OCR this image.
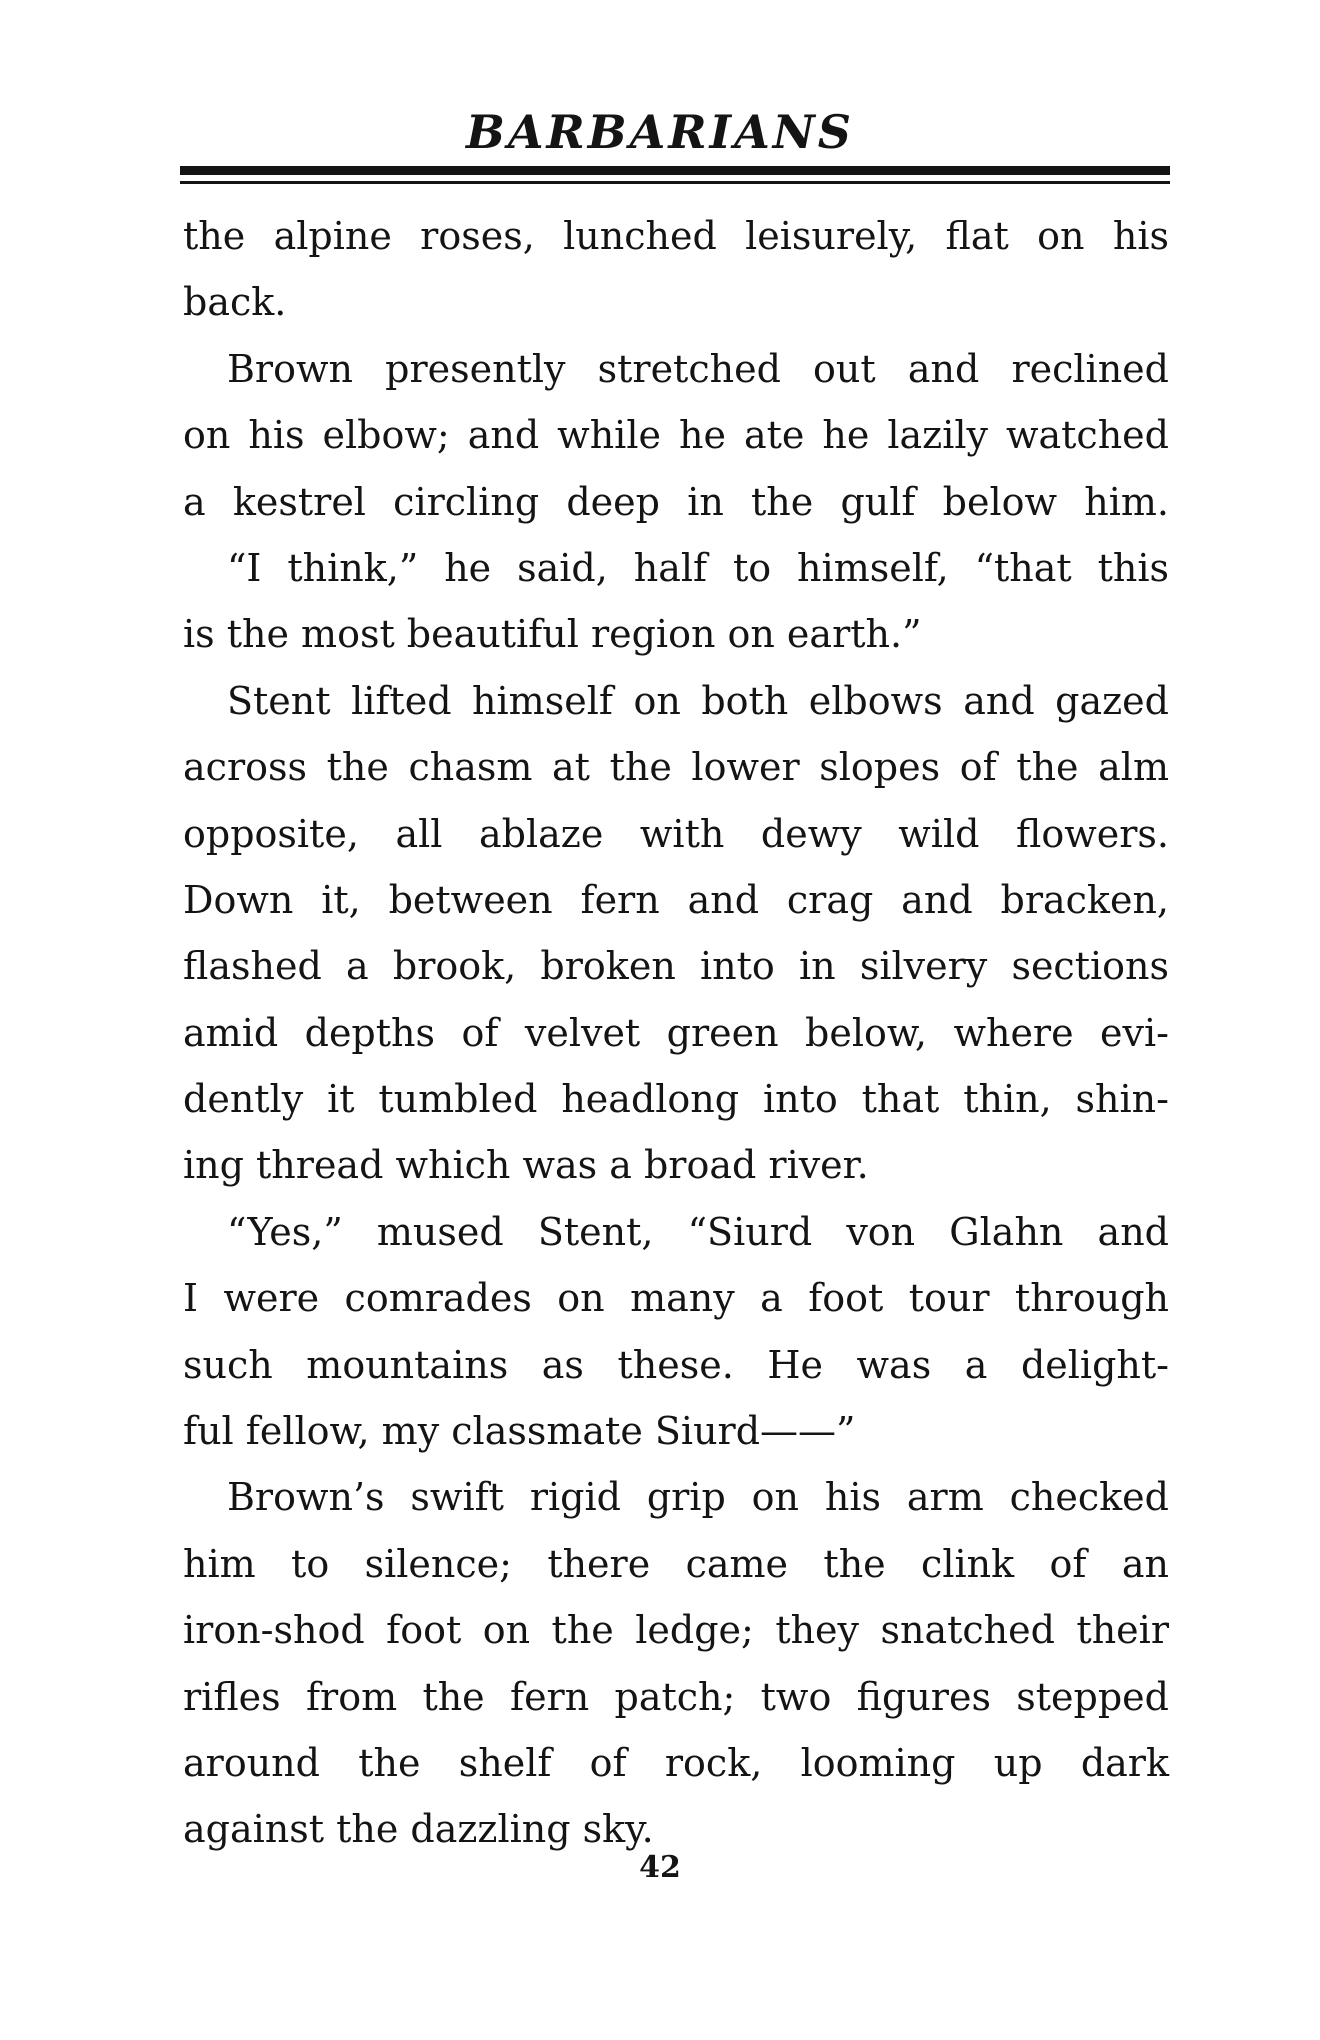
BARBARIANS
the alpine roses, lunched leisurely, flat on his
back.
Brown presently stretched out and reclined
on his elbow; and while he ate he lazily watched
a kestrel circling deep in the gulf below him.
“I think,” he said, half to himself, “that this
is the most beautiful region on earth.”
Stent lifted himself on both elbows and gazed
across the chasm at the lower slopes of the alm
opposite, all ablaze with dewy wild flowers.
Down it, between fern and crag and bracken,
flashed a brook, broken into in silvery sections
amid depths of velvet green below, where evi-
dently it tumbled headlong into that thin, shin-
ing thread which was a broad river.
“Yes,” mused Stent, “Siurd von Glahn and
I were comrades on many a foot tour through
such mountains as these. He was a delight-
ful fellow, my classmate Siurd——”
Brown’s swift rigid grip on his arm checked
him to silence; there came the clink of an
iron-shod foot on the ledge; they snatched their
rifles from the fern patch; two figures stepped
around the shelf of rock, looming up dark
against the dazzling sky.
42
